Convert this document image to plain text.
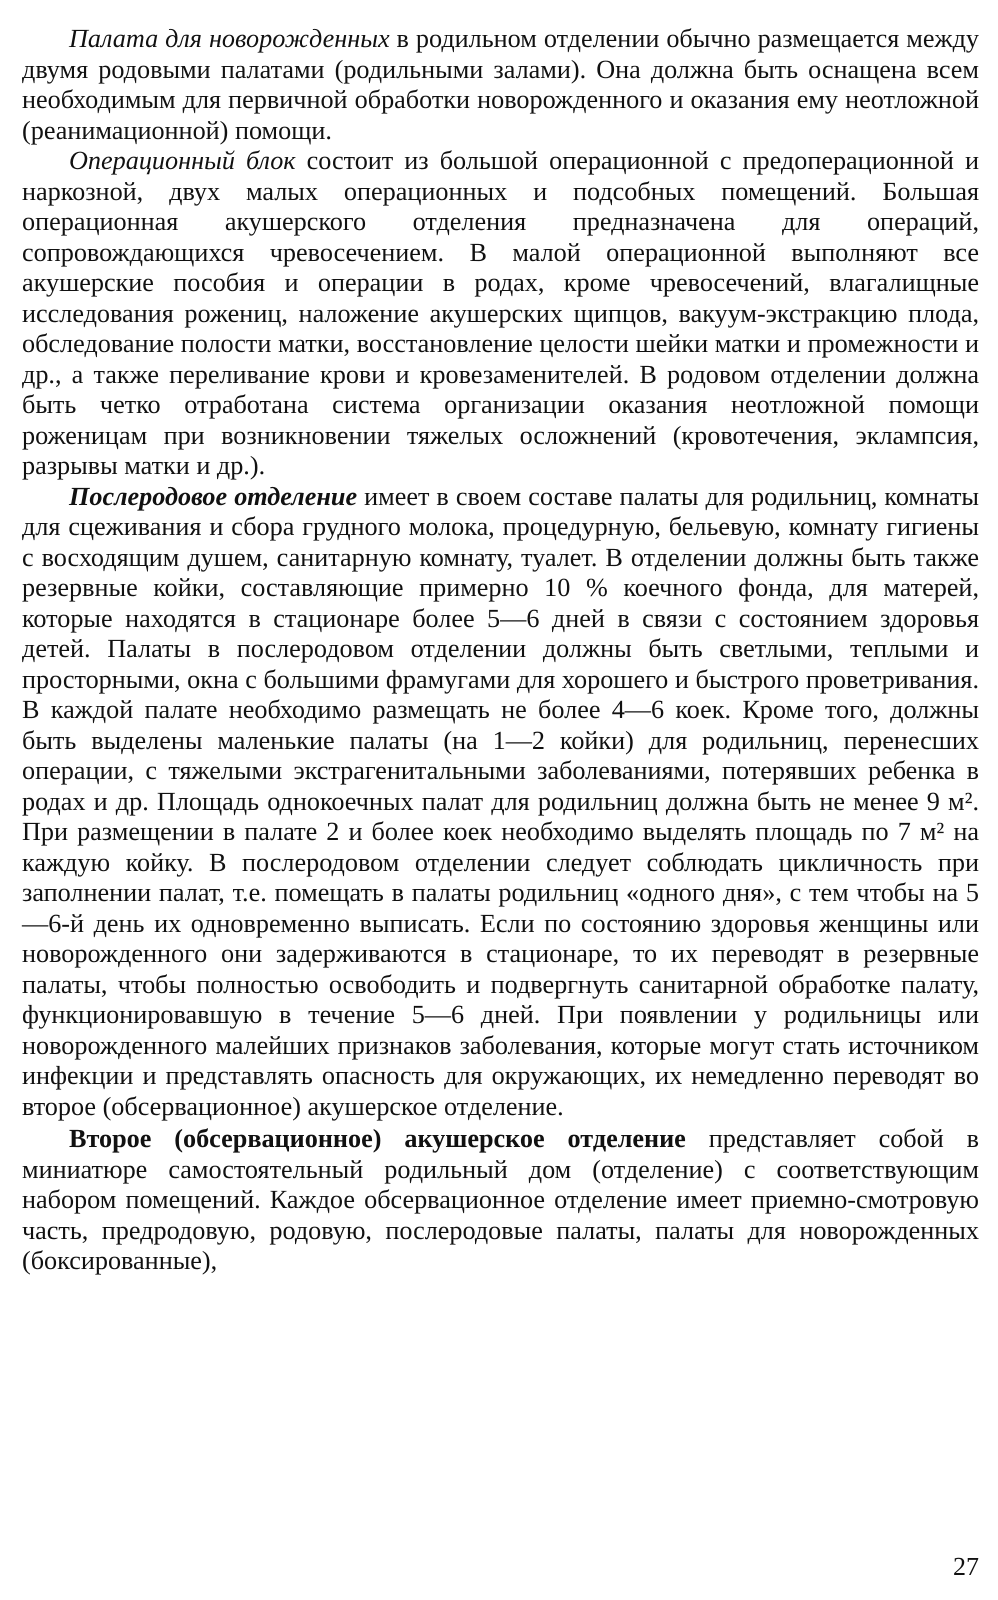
Палата для новорожденных в родильном отделении обычно размещается между двумя родовыми палатами (родильными залами). Она должна быть оснащена всем необходимым для первичной обработки новорожденного и оказания ему неотложной (реанимационной) помощи.

Операционный блок состоит из большой операционной с предоперационной и наркозной, двух малых операционных и подсобных помещений. Большая операционная акушерского отделения предназначена для операций, сопровождающихся чревосечением. В малой операционной выполняют все акушерские пособия и операции в родах, кроме чревосечений, влагалищные исследования рожениц, наложение акушерских щипцов, вакуум-экстракцию плода, обследование полости матки, восстановление целости шейки матки и промежности и др., а также переливание крови и кровезаменителей. В родовом отделении должна быть четко отработана система организации оказания неотложной помощи роженицам при возникновении тяжелых осложнений (кровотечения, эклампсия, разрывы матки и др.).

Послеродовое отделение имеет в своем составе палаты для родильниц, комнаты для сцеживания и сбора грудного молока, процедурную, бельевую, комнату гигиены с восходящим душем, санитарную комнату, туалет. В отделении должны быть также резервные койки, составляющие примерно 10 % коечного фонда, для матерей, которые находятся в стационаре более 5—6 дней в связи с состоянием здоровья детей. Палаты в послеродовом отделении должны быть светлыми, теплыми и просторными, окна с большими фрамугами для хорошего и быстрого проветривания. В каждой палате необходимо размещать не более 4—6 коек. Кроме того, должны быть выделены маленькие палаты (на 1—2 койки) для родильниц, перенесших операции, с тяжелыми экстрагенитальными заболеваниями, потерявших ребенка в родах и др. Площадь однокоечных палат для родильниц должна быть не менее 9 м². При размещении в палате 2 и более коек необходимо выделять площадь по 7 м² на каждую койку. В послеродовом отделении следует соблюдать цикличность при заполнении палат, т.е. помещать в палаты родильниц «одного дня», с тем чтобы на 5—6-й день их одновременно выписать. Если по состоянию здоровья женщины или новорожденного они задерживаются в стационаре, то их переводят в резервные палаты, чтобы полностью освободить и подвергнуть санитарной обработке палату, функционировавшую в течение 5—6 дней. При появлении у родильницы или новорожденного малейших признаков заболевания, которые могут стать источником инфекции и представлять опасность для окружающих, их немедленно переводят во второе (обсервационное) акушерское отделение.

Второе (обсервационное) акушерское отделение представляет собой в миниатюре самостоятельный родильный дом (отделение) с соответствующим набором помещений. Каждое обсервационное отделение имеет приемно-смотровую часть, предродовую, родовую, послеродовые палаты, палаты для новорожденных (боксированные),

27
